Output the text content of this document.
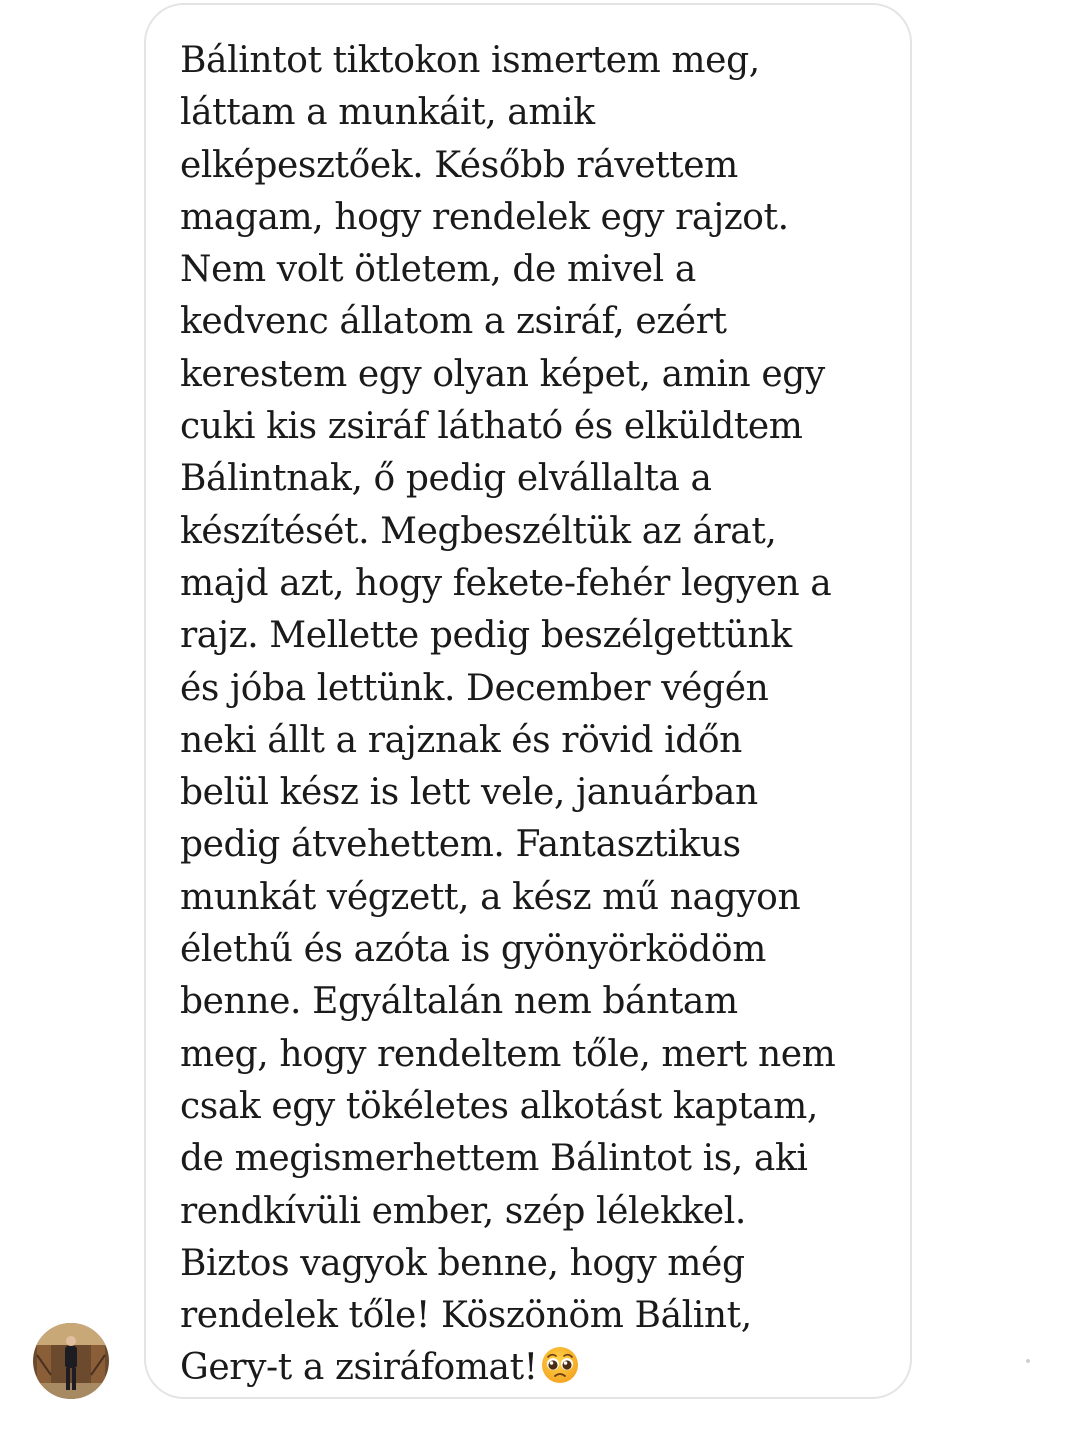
Bálintot tiktokon ismertem meg,
láttam a munkáit, amik
elképesztőek. Később rávettem
magam, hogy rendelek egy rajzot.
Nem volt ötletem, de mivel a
kedvenc állatom a zsiráf, ezért
kerestem egy olyan képet, amin egy
cuki kis zsiráf látható és elküldtem
Bálintnak, ő pedig elvállalta a
készítését. Megbeszéltük az árat,
majd azt, hogy fekete-fehér legyen a
rajz. Mellette pedig beszélgettünk
és jóba lettünk. December végén
neki állt a rajznak és rövid időn
belül kész is lett vele, januárban
pedig átvehettem. Fantasztikus
munkát végzett, a kész mű nagyon
élethű és azóta is gyönyörködöm
benne. Egyáltalán nem bántam
meg, hogy rendeltem tőle, mert nem
csak egy tökéletes alkotást kaptam,
de megismerhettem Bálintot is, aki
rendkívüli ember, szép lélekkel.
Biztos vagyok benne, hogy még
rendelek tőle! Köszönöm Bálint,
Gery-t a zsiráfomat!
